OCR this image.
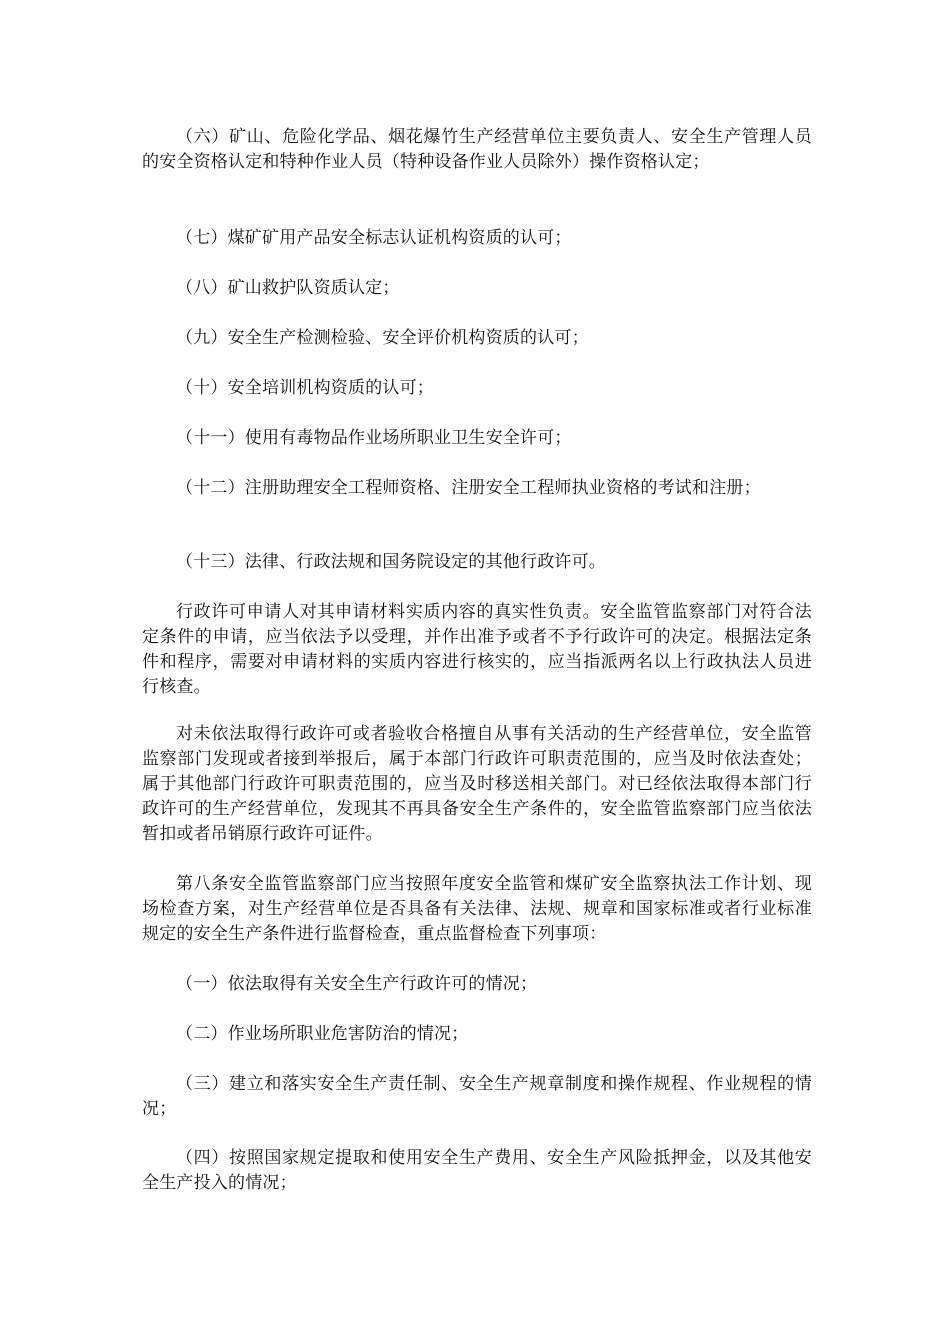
（六）矿山、危险化学品、烟花爆竹生产经营单位主要负责人、安全生产管理人员的安全资格认定和特种作业人员（特种设备作业人员除外）操作资格认定；

（七）煤矿矿用产品安全标志认证机构资质的认可；

（八）矿山救护队资质认定；

（九）安全生产检测检验、安全评价机构资质的认可；

（十）安全培训机构资质的认可；

（十一）使用有毒物品作业场所职业卫生安全许可；

（十二）注册助理安全工程师资格、注册安全工程师执业资格的考试和注册；

（十三）法律、行政法规和国务院设定的其他行政许可。

行政许可申请人对其申请材料实质内容的真实性负责。安全监管监察部门对符合法定条件的申请，应当依法予以受理，并作出准予或者不予行政许可的决定。根据法定条件和程序，需要对申请材料的实质内容进行核实的，应当指派两名以上行政执法人员进行核查。

对未依法取得行政许可或者验收合格擅自从事有关活动的生产经营单位，安全监管监察部门发现或者接到举报后，属于本部门行政许可职责范围的，应当及时依法查处；属于其他部门行政许可职责范围的，应当及时移送相关部门。对已经依法取得本部门行政许可的生产经营单位，发现其不再具备安全生产条件的，安全监管监察部门应当依法暂扣或者吊销原行政许可证件。

第八条安全监管监察部门应当按照年度安全监管和煤矿安全监察执法工作计划、现场检查方案，对生产经营单位是否具备有关法律、法规、规章和国家标准或者行业标准规定的安全生产条件进行监督检查，重点监督检查下列事项：

（一）依法取得有关安全生产行政许可的情况；

（二）作业场所职业危害防治的情况；

（三）建立和落实安全生产责任制、安全生产规章制度和操作规程、作业规程的情况；

（四）按照国家规定提取和使用安全生产费用、安全生产风险抵押金，以及其他安全生产投入的情况；
